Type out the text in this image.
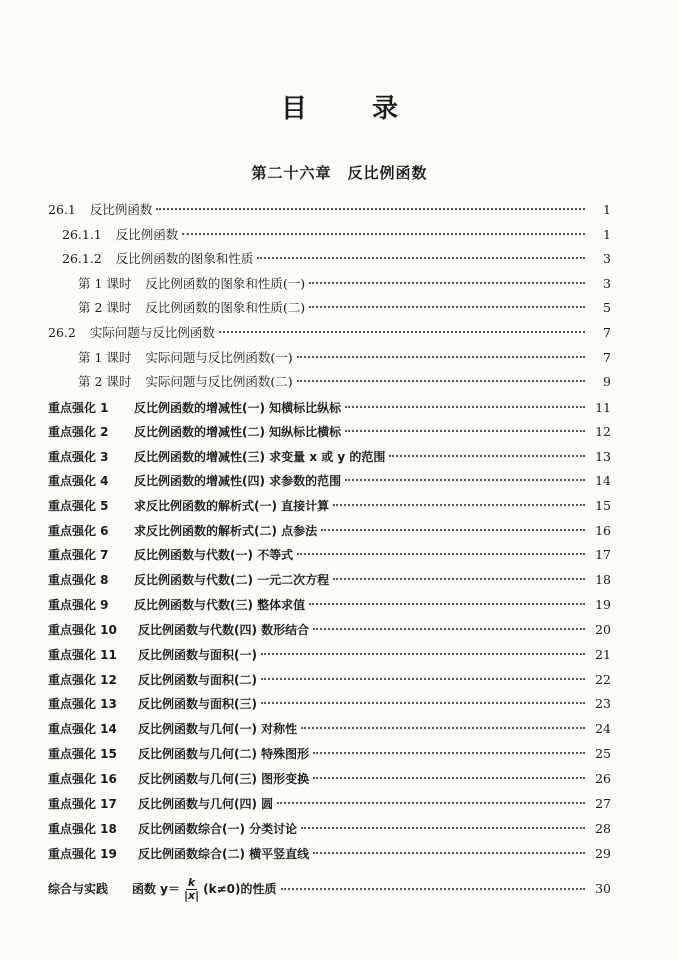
目 录
第二十六章　反比例函数
26.1 反比例函数	1
26.1.1 反比例函数	1
26.1.2 反比例函数的图象和性质	3
第 1 课时 反比例函数的图象和性质(一)	3
第 2 课时 反比例函数的图象和性质(二)	5
26.2 实际问题与反比例函数	7
第 1 课时 实际问题与反比例函数(一)	7
第 2 课时 实际问题与反比例函数(二)	9
重点强化 1	反比例函数的增减性(一) 知横标比纵标	11
重点强化 2	反比例函数的增减性(二) 知纵标比横标	12
重点强化 3	反比例函数的增减性(三) 求变量 x 或 y 的范围	13
重点强化 4	反比例函数的增减性(四) 求参数的范围	14
重点强化 5	求反比例函数的解析式(一) 直接计算	15
重点强化 6	求反比例函数的解析式(二) 点参法	16
重点强化 7	反比例函数与代数(一) 不等式	17
重点强化 8	反比例函数与代数(二) 一元二次方程	18
重点强化 9	反比例函数与代数(三) 整体求值	19
重点强化 10	反比例函数与代数(四) 数形结合	20
重点强化 11	反比例函数与面积(一)	21
重点强化 12	反比例函数与面积(二)	22
重点强化 13	反比例函数与面积(三)	23
重点强化 14	反比例函数与几何(一) 对称性	24
重点强化 15	反比例函数与几何(二) 特殊图形	25
重点强化 16	反比例函数与几何(三) 图形变换	26
重点强化 17	反比例函数与几何(四) 圆	27
重点强化 18	反比例函数综合(一) 分类讨论	28
重点强化 19	反比例函数综合(二) 横平竖直线	29
综合与实践	函数 $y= \frac{k}{|x|} (k\ne 0)$的性质	30
